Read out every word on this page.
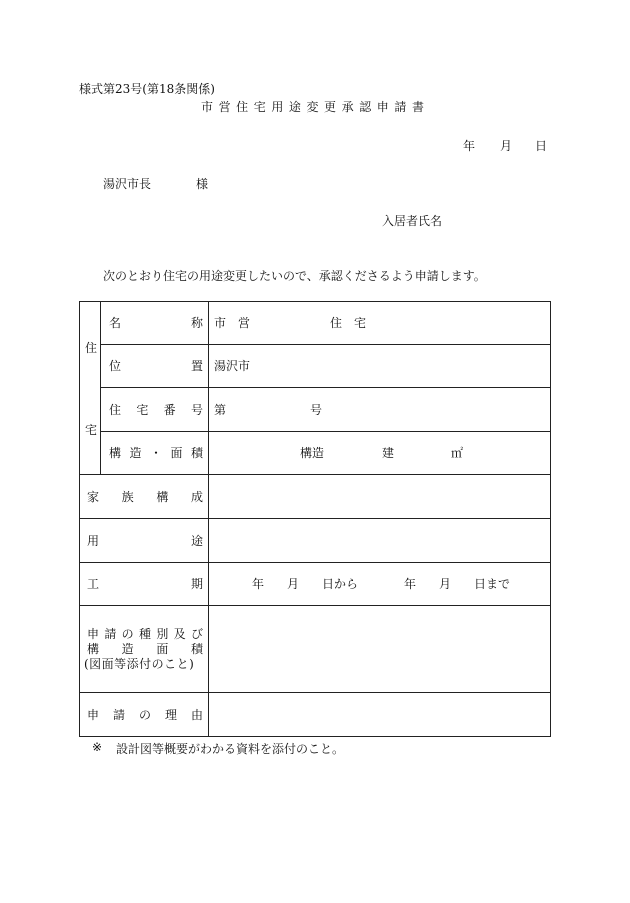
様式第23号(第18条関係)
市 営 住 宅 用 途 変 更 承 認 申 請 書
年 月 日
湯沢市長	様
入居者氏名
次のとおり住宅の用途変更したいので、承認くださるよう申請します。
住
宅
名	称 市　営	住　宅
位	置 湯沢市
住 宅 番 号 第	号
構 造 ・ 面 積	構造	建	㎡
家 族 構 成
用	途
工	期	年 月 日から	年 月 日まで
申 請 の 種 別 及 び
構 造 面 積
(図面等添付のこと)
申 請 の 理 由
※ 設計図等概要がわかる資料を添付のこと。
